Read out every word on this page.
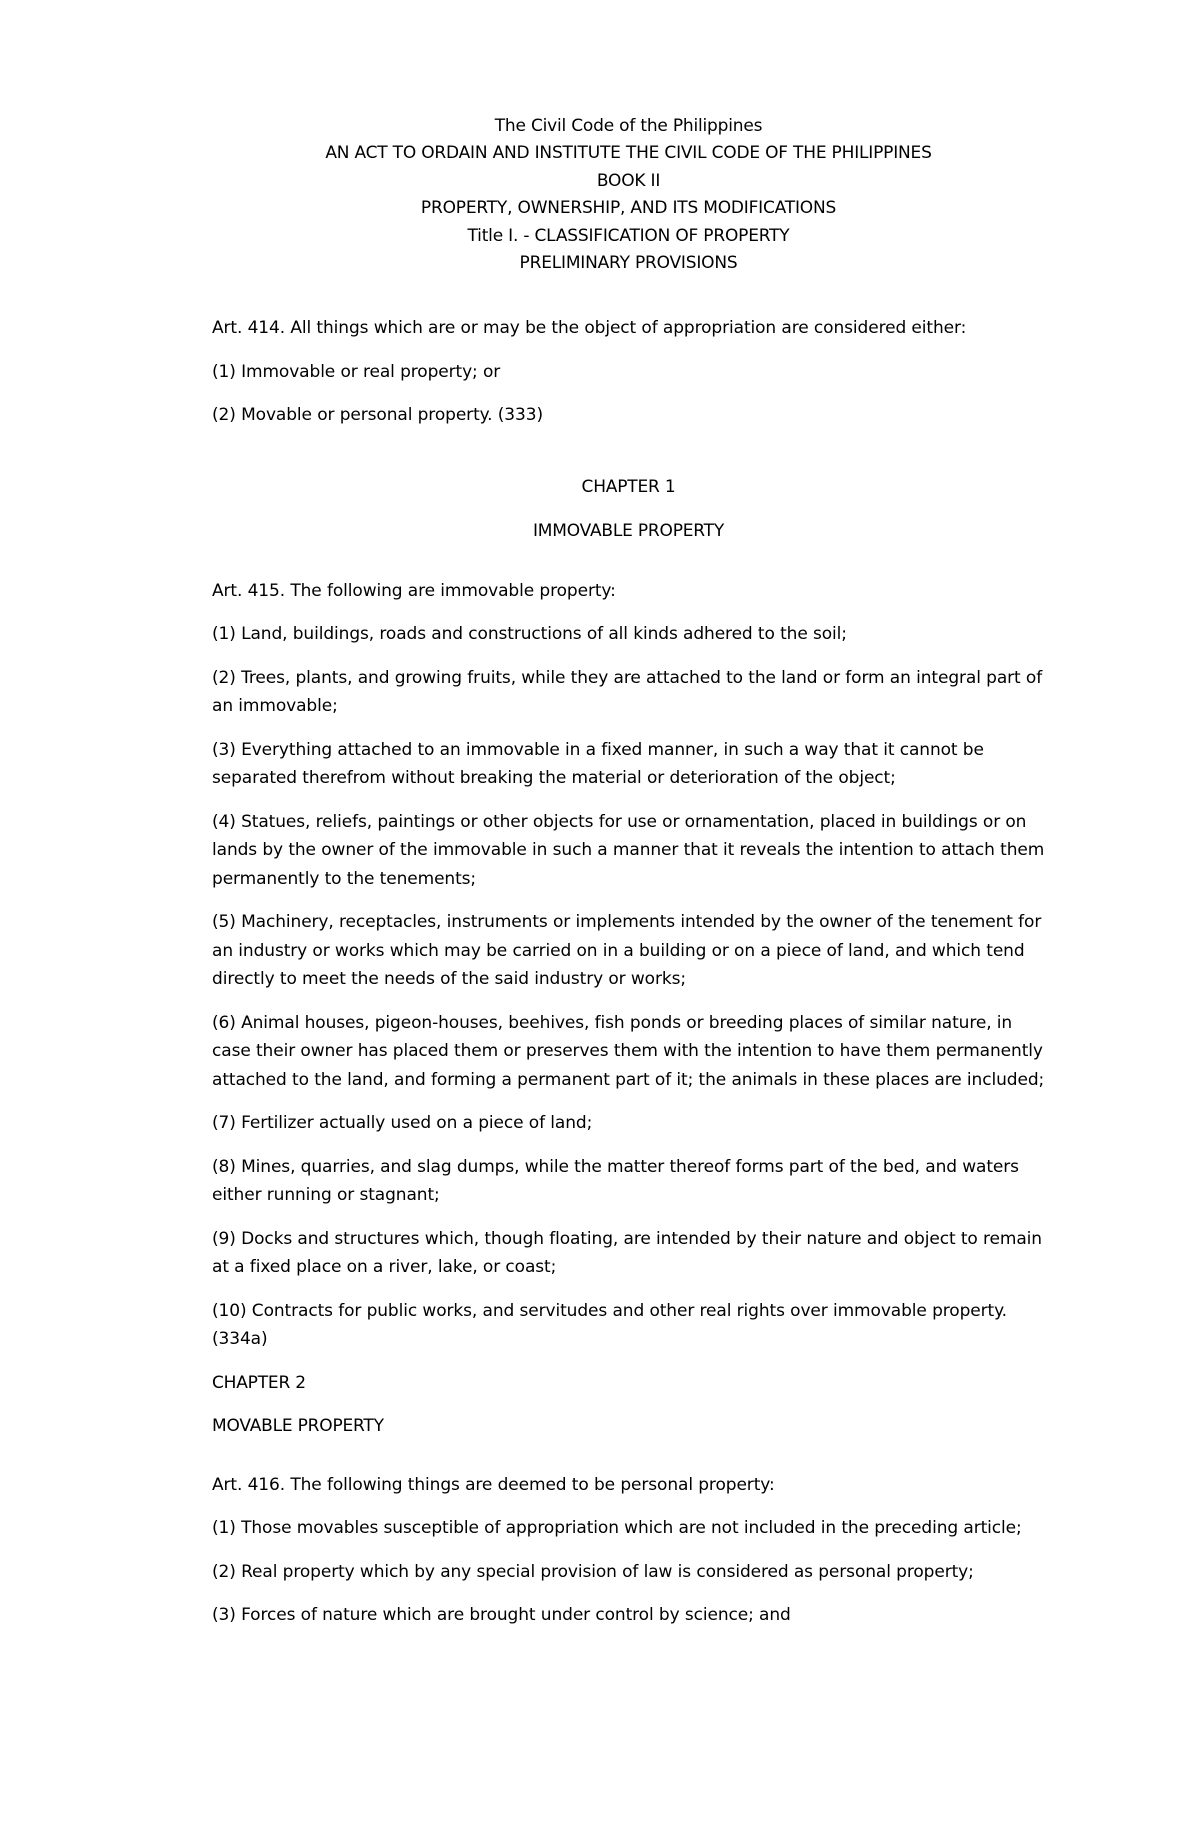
The Civil Code of the Philippines

AN ACT TO ORDAIN AND INSTITUTE THE CIVIL CODE OF THE PHILIPPINES

BOOK II

PROPERTY, OWNERSHIP, AND ITS MODIFICATIONS

Title I. - CLASSIFICATION OF PROPERTY

PRELIMINARY PROVISIONS

Art. 414. All things which are or may be the object of appropriation are considered either:

(1) Immovable or real property; or

(2) Movable or personal property. (333)

CHAPTER 1

IMMOVABLE PROPERTY

Art. 415. The following are immovable property:

(1) Land, buildings, roads and constructions of all kinds adhered to the soil;

(2) Trees, plants, and growing fruits, while they are attached to the land or form an integral part of an immovable;

(3) Everything attached to an immovable in a fixed manner, in such a way that it cannot be separated therefrom without breaking the material or deterioration of the object;

(4) Statues, reliefs, paintings or other objects for use or ornamentation, placed in buildings or on lands by the owner of the immovable in such a manner that it reveals the intention to attach them permanently to the tenements;

(5) Machinery, receptacles, instruments or implements intended by the owner of the tenement for an industry or works which may be carried on in a building or on a piece of land, and which tend directly to meet the needs of the said industry or works;

(6) Animal houses, pigeon-houses, beehives, fish ponds or breeding places of similar nature, in case their owner has placed them or preserves them with the intention to have them permanently attached to the land, and forming a permanent part of it; the animals in these places are included;

(7) Fertilizer actually used on a piece of land;

(8) Mines, quarries, and slag dumps, while the matter thereof forms part of the bed, and waters either running or stagnant;

(9) Docks and structures which, though floating, are intended by their nature and object to remain at a fixed place on a river, lake, or coast;

(10) Contracts for public works, and servitudes and other real rights over immovable property. (334a)

CHAPTER 2

MOVABLE PROPERTY

Art. 416. The following things are deemed to be personal property:

(1) Those movables susceptible of appropriation which are not included in the preceding article;

(2) Real property which by any special provision of law is considered as personal property;

(3) Forces of nature which are brought under control by science; and
